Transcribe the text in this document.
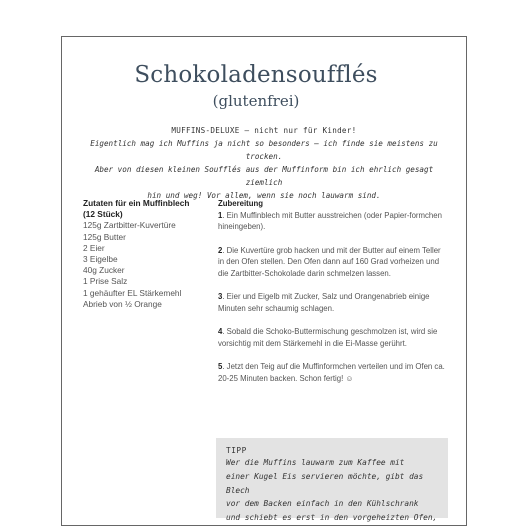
Schokoladensoufflés
(glutenfrei)
MUFFINS-DELUXE – nicht nur für Kinder!
Eigentlich mag ich Muffins ja nicht so besonders – ich finde sie meistens zu trocken.
Aber von diesen kleinen Soufflés aus der Muffinform bin ich ehrlich gesagt ziemlich
hin und weg! Vor allem, wenn sie noch lauwarm sind.
Zutaten für ein Muffinblech
(12 Stück)
125g Zartbitter-Kuvertüre
125g Butter
2 Eier
3 Eigelbe
40g Zucker
1 Prise Salz
1 gehäufter EL Stärkemehl
Abrieb von ½ Orange
Zubereitung
1. Ein Muffinblech mit Butter ausstreichen (oder Papier-formchen hineingeben).
2. Die Kuvertüre grob hacken und mit der Butter auf einem Teller in den Ofen stellen. Den Ofen dann auf 160 Grad vorheizen und die Zartbitter-Schokolade darin schmelzen lassen.
3. Eier und Eigelb mit Zucker, Salz und Orangenabrieb einige Minuten sehr schaumig schlagen.
4. Sobald die Schoko-Buttermischung geschmolzen ist, wird sie vorsichtig mit dem Stärkemehl in die Ei-Masse gerührt.
5. Jetzt den Teig auf die Muffinformchen verteilen und im Ofen ca. 20-25 Minuten backen. Schon fertig! ☺
TIPP
Wer die Muffins lauwarm zum Kaffee mit
einer Kugel Eis servieren möchte, gibt das Blech
vor dem Backen einfach in den Kühlschrank
und schiebt es erst in den vorgeheizten Ofen,
